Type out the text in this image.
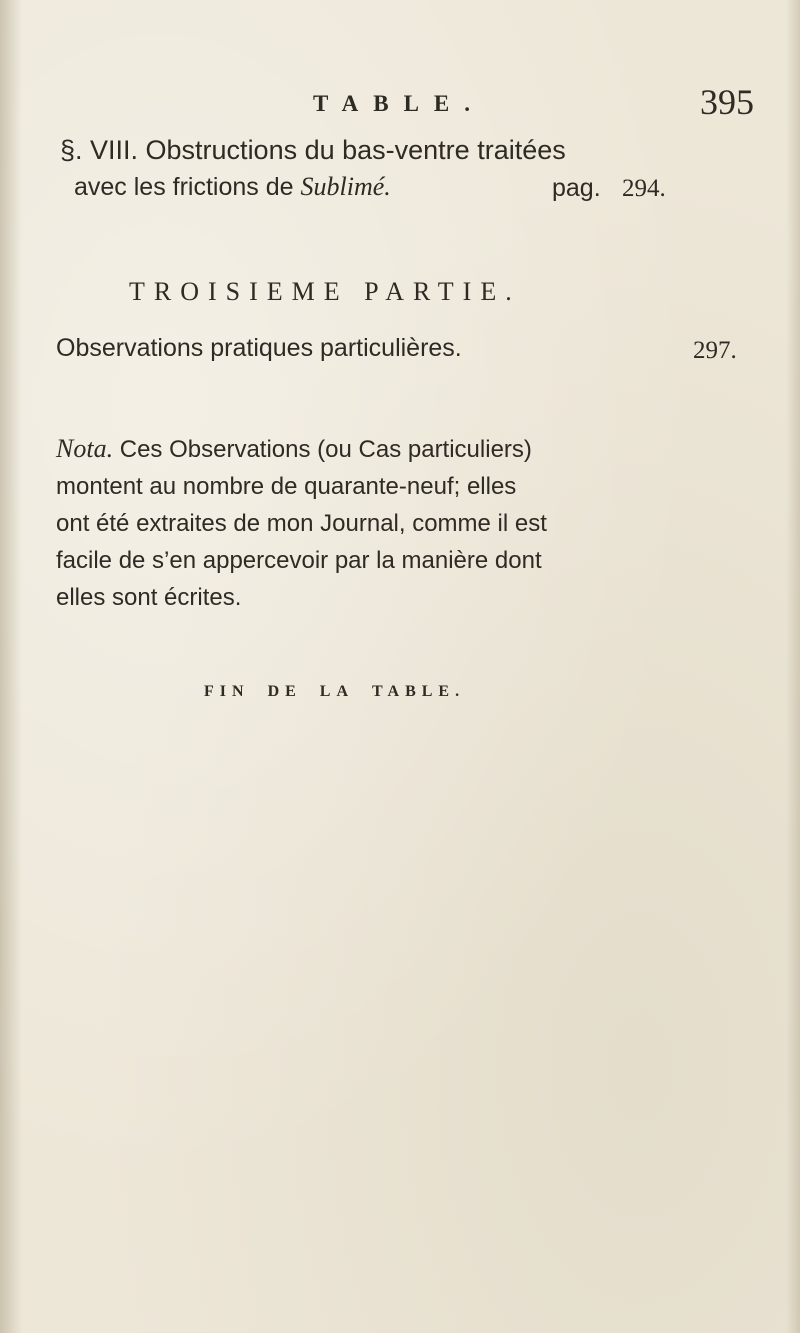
TABLE.	395
§. VIII. Obstructions du bas-ventre traitées
avec les frictions de Sublimé.	pag. 294.
TROISIEME PARTIE.
Observations pratiques particulières.	297.

Nota. Ces Observations (ou Cas particuliers)

montent au nombre de quarante-neuf; elles

ont été extraites de mon Journal, comme il est

facile de s’en appercevoir par la manière dont

elles sont écrites.

FIN DE LA TABLE.
